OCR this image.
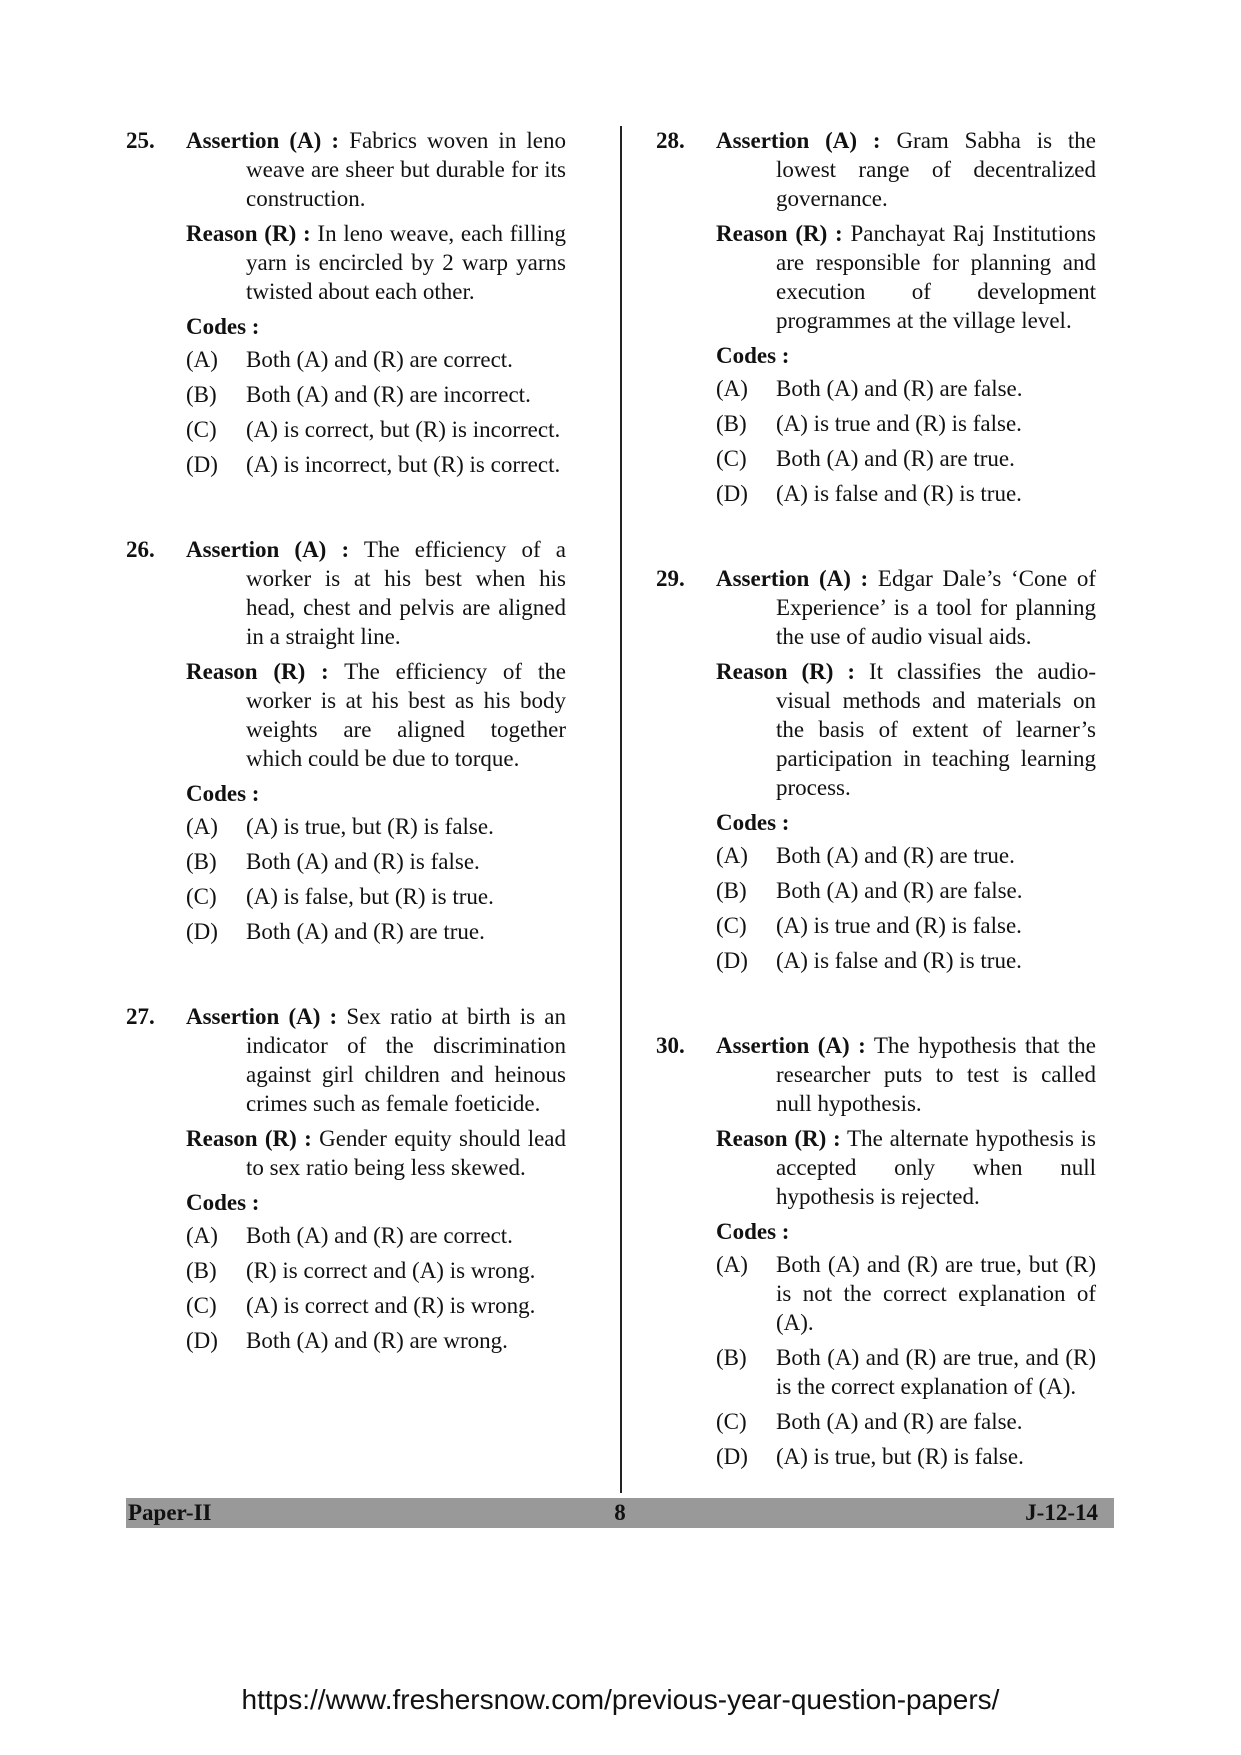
25. Assertion (A) : Fabrics woven in leno weave are sheer but durable for its construction.
Reason (R) : In leno weave, each filling yarn is encircled by 2 warp yarns twisted about each other.
Codes :
(A) Both (A) and (R) are correct.
(B) Both (A) and (R) are incorrect.
(C) (A) is correct, but (R) is incorrect.
(D) (A) is incorrect, but (R) is correct.
26. Assertion (A) : The efficiency of a worker is at his best when his head, chest and pelvis are aligned in a straight line.
Reason (R) : The efficiency of the worker is at his best as his body weights are aligned together which could be due to torque.
Codes :
(A) (A) is true, but (R) is false.
(B) Both (A) and (R) is false.
(C) (A) is false, but (R) is true.
(D) Both (A) and (R) are true.
27. Assertion (A) : Sex ratio at birth is an indicator of the discrimination against girl children and heinous crimes such as female foeticide.
Reason (R) : Gender equity should lead to sex ratio being less skewed.
Codes :
(A) Both (A) and (R) are correct.
(B) (R) is correct and (A) is wrong.
(C) (A) is correct and (R) is wrong.
(D) Both (A) and (R) are wrong.
28. Assertion (A) : Gram Sabha is the lowest range of decentralized governance.
Reason (R) : Panchayat Raj Institutions are responsible for planning and execution of development programmes at the village level.
Codes :
(A) Both (A) and (R) are false.
(B) (A) is true and (R) is false.
(C) Both (A) and (R) are true.
(D) (A) is false and (R) is true.
29. Assertion (A) : Edgar Dale’s ‘Cone of Experience’ is a tool for planning the use of audio visual aids.
Reason (R) : It classifies the audio-visual methods and materials on the basis of extent of learner’s participation in teaching learning process.
Codes :
(A) Both (A) and (R) are true.
(B) Both (A) and (R) are false.
(C) (A) is true and (R) is false.
(D) (A) is false and (R) is true.
30. Assertion (A) : The hypothesis that the researcher puts to test is called null hypothesis.
Reason (R) : The alternate hypothesis is accepted only when null hypothesis is rejected.
Codes :
(A) Both (A) and (R) are true, but (R) is not the correct explanation of (A).
(B) Both (A) and (R) are true, and (R) is the correct explanation of (A).
(C) Both (A) and (R) are false.
(D) (A) is true, but (R) is false.
Paper-II	8	J-12-14
https://www.freshersnow.com/previous-year-question-papers/
